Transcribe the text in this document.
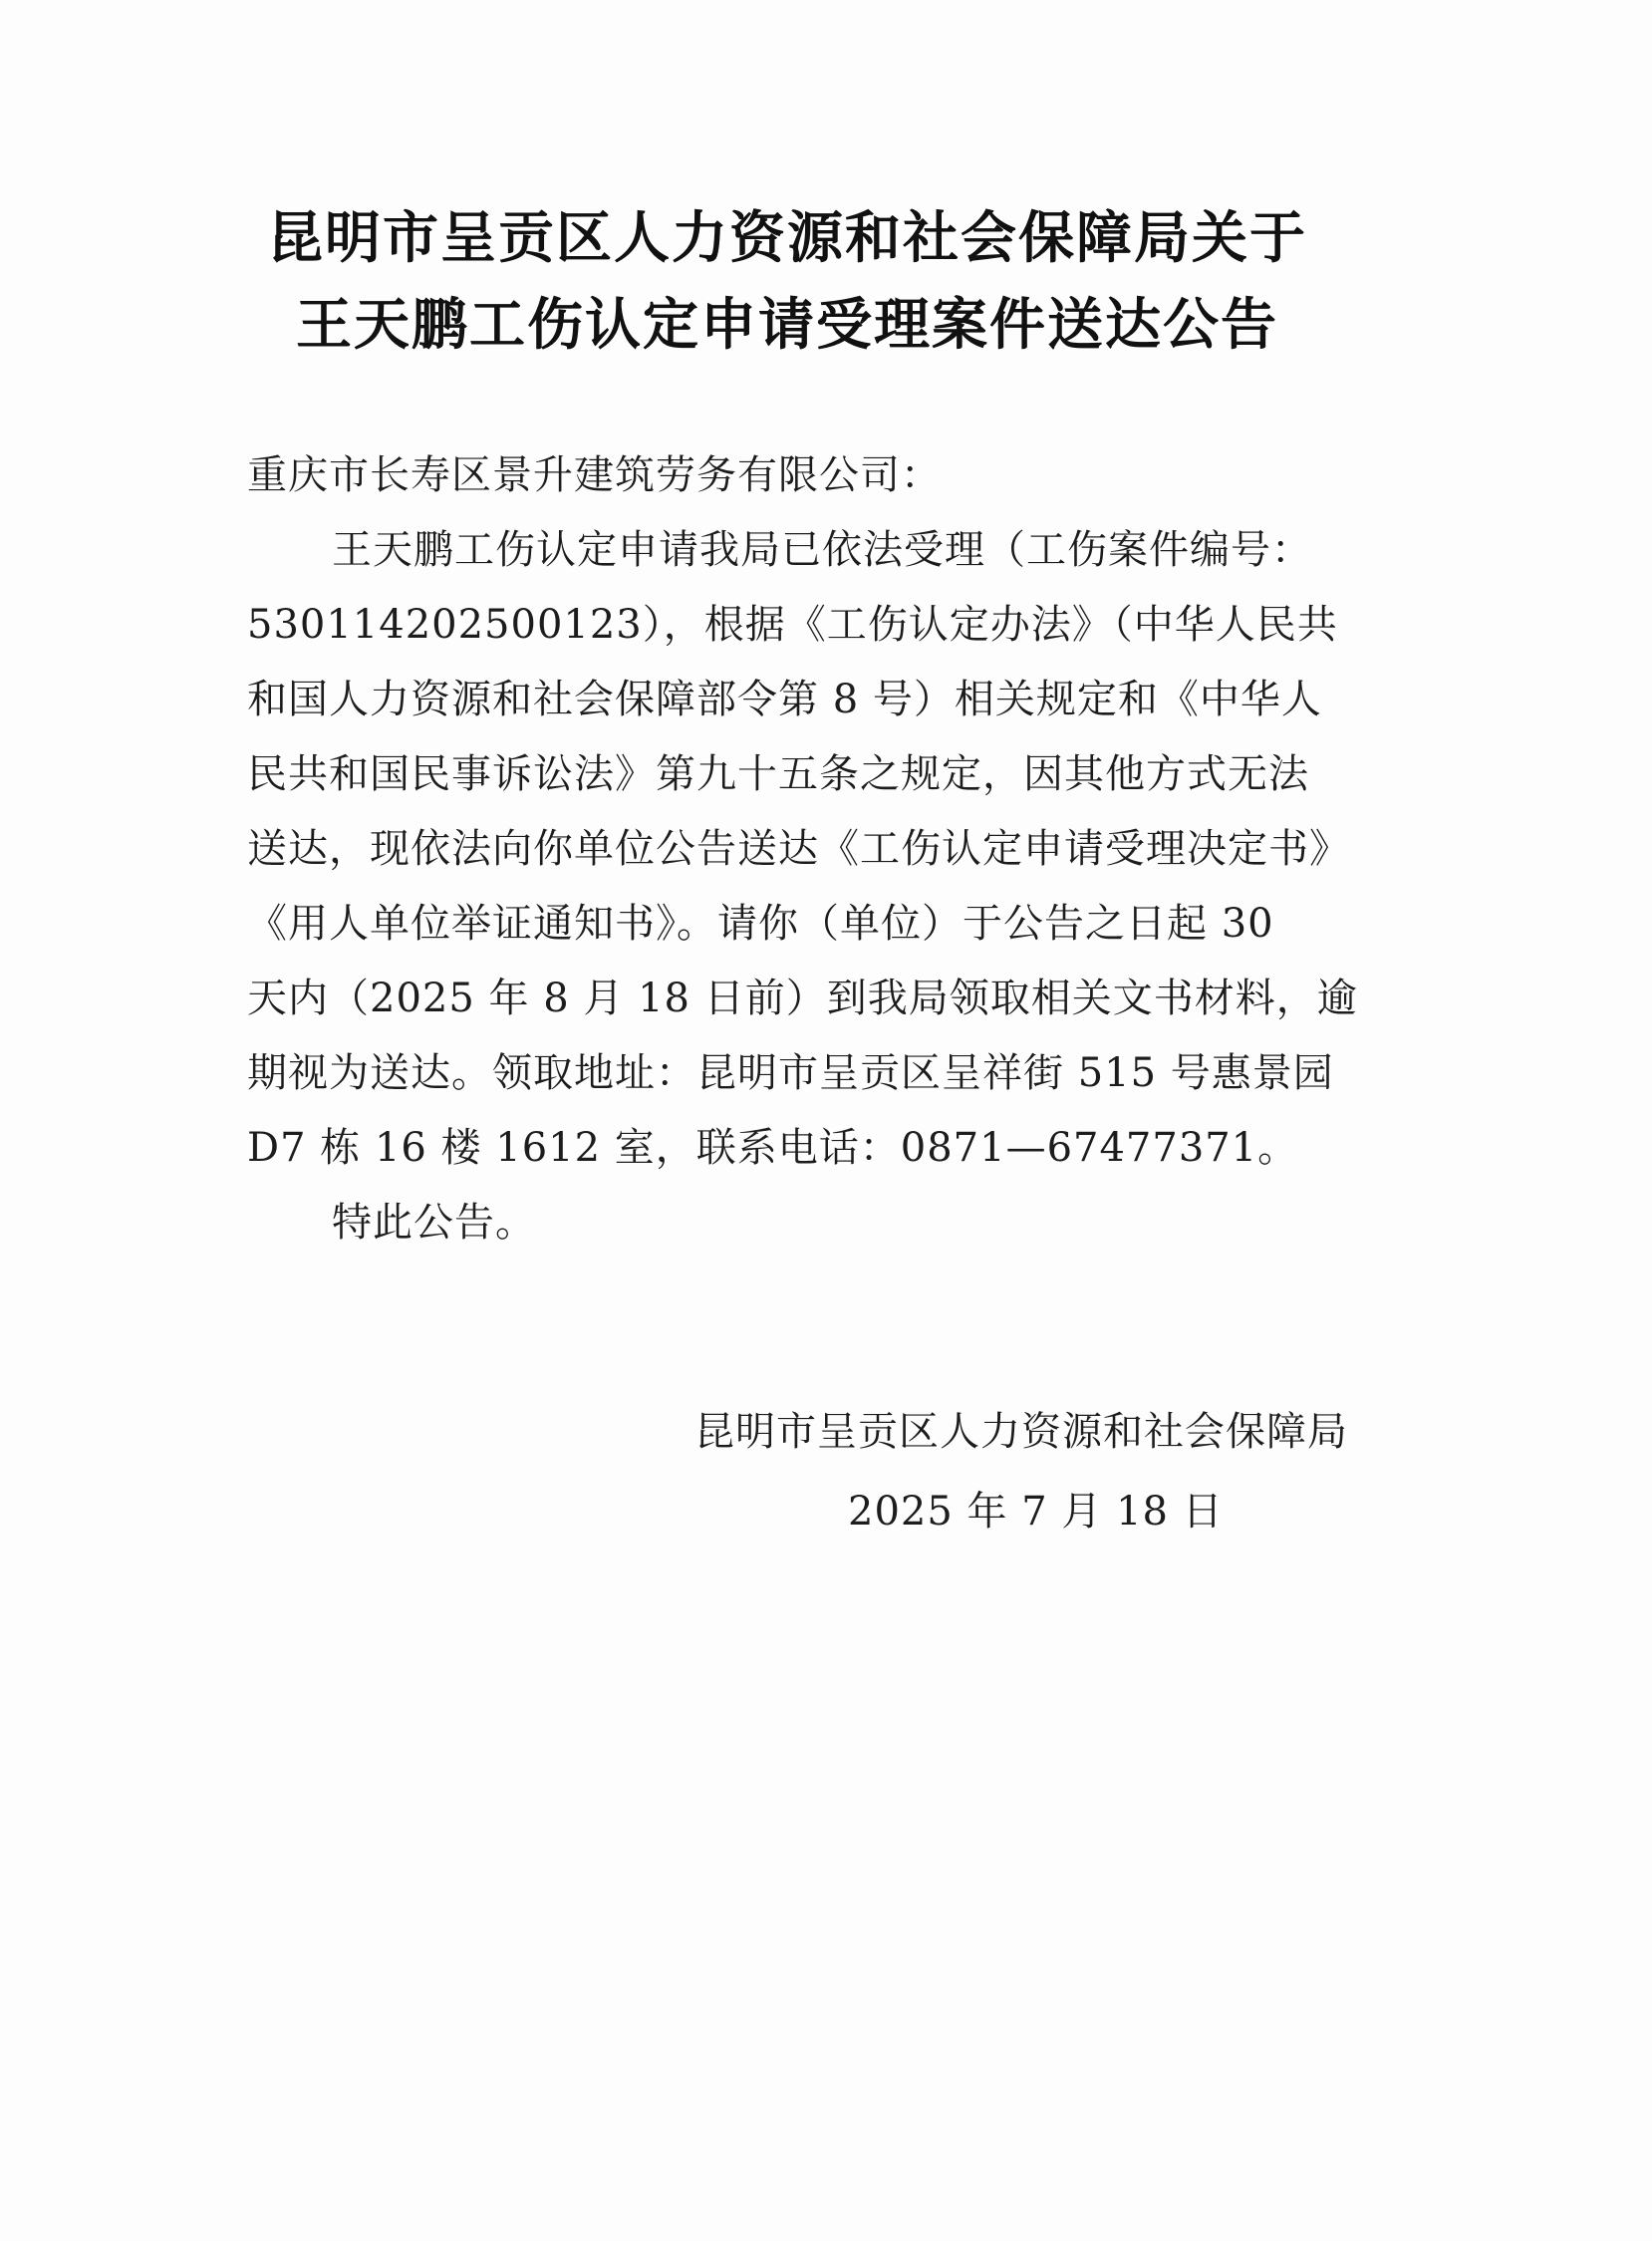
昆明市呈贡区人力资源和社会保障局关于
王天鹏工伤认定申请受理案件送达公告
重庆市长寿区景升建筑劳务有限公司：
王天鹏工伤认定申请我局已依法受理（工伤案件编号：
530114202500123），根据《工伤认定办法》（中华人民共
和国人力资源和社会保障部令第 8 号）相关规定和《中华人
民共和国民事诉讼法》第九十五条之规定，因其他方式无法
送达，现依法向你单位公告送达《工伤认定申请受理决定书》
《用人单位举证通知书》。请你（单位）于公告之日起 30
天内（2025 年 8 月 18 日前）到我局领取相关文书材料，逾
期视为送达。领取地址：昆明市呈贡区呈祥街 515 号惠景园
D7 栋 16 楼 1612 室，联系电话：0871—67477371。
特此公告。
昆明市呈贡区人力资源和社会保障局
2025 年 7 月 18 日
